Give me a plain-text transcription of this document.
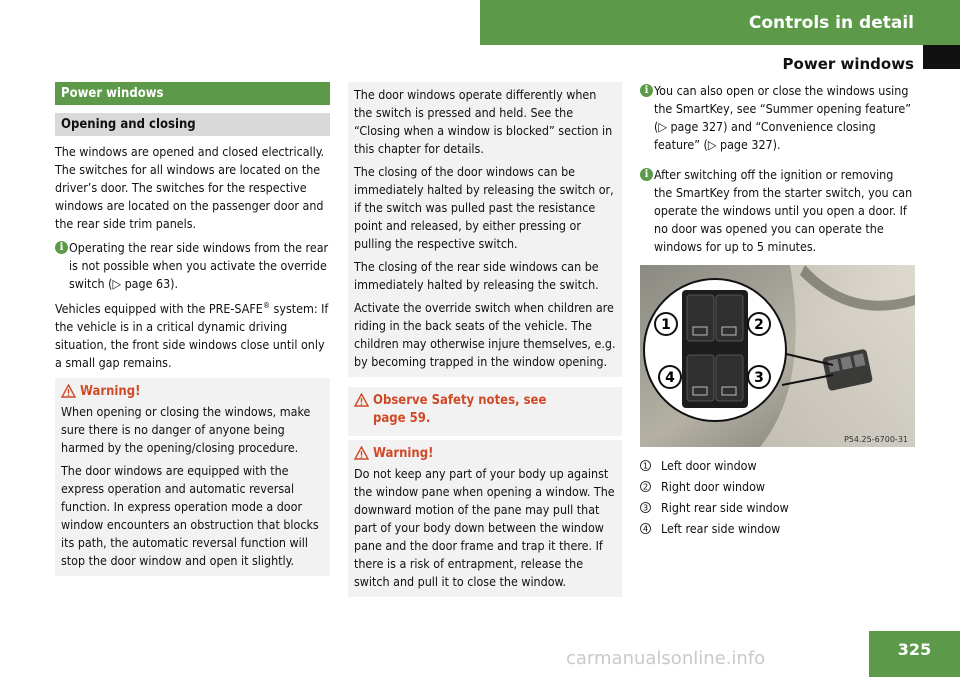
Controls in detail
Power windows
Power windows
Opening and closing

The windows are opened and closed electrically. The switches for all windows are located on the driver’s door. The switches for the respective windows are located on the passenger door and the rear side trim panels.

i Operating the rear side windows from the rear is not possible when you activate the override switch (▷ page 63).

Vehicles equipped with the PRE-SAFE® system: If the vehicle is in a critical dynamic driving situation, the front side windows close until only a small gap remains.

Warning!

When opening or closing the windows, make sure there is no danger of anyone being harmed by the opening/closing procedure.

The door windows are equipped with the express operation and automatic reversal function. In express operation mode a door window encounters an obstruction that blocks its path, the automatic reversal function will stop the door window and open it slightly.

The door windows operate differently when the switch is pressed and held. See the “Closing when a window is blocked” section in this chapter for details.

The closing of the door windows can be immediately halted by releasing the switch or, if the switch was pulled past the resistance point and released, by either pressing or pulling the respective switch.

The closing of the rear side windows can be immediately halted by releasing the switch.

Activate the override switch when children are riding in the back seats of the vehicle. The children may otherwise injure themselves, e.g. by becoming trapped in the window opening.

Observe Safety notes, see page 59.
Warning!

Do not keep any part of your body up against the window pane when opening a window. The downward motion of the pane may pull that part of your body down between the window pane and the door frame and trap it there. If there is a risk of entrapment, release the switch and pull it to close the window.

i You can also open or close the windows using the SmartKey, see “Summer opening feature” (▷ page 327) and “Convenience closing feature” (▷ page 327).
i After switching off the ignition or removing the SmartKey from the starter switch, you can operate the windows until you open a door. If no door was opened you can operate the windows for up to 5 minutes.
1	2
3
4
P54.25-6700-31
1 Left door window
2 Right door window
3 Right rear side window
4 Left rear side window
325
carmanualsonline.info
